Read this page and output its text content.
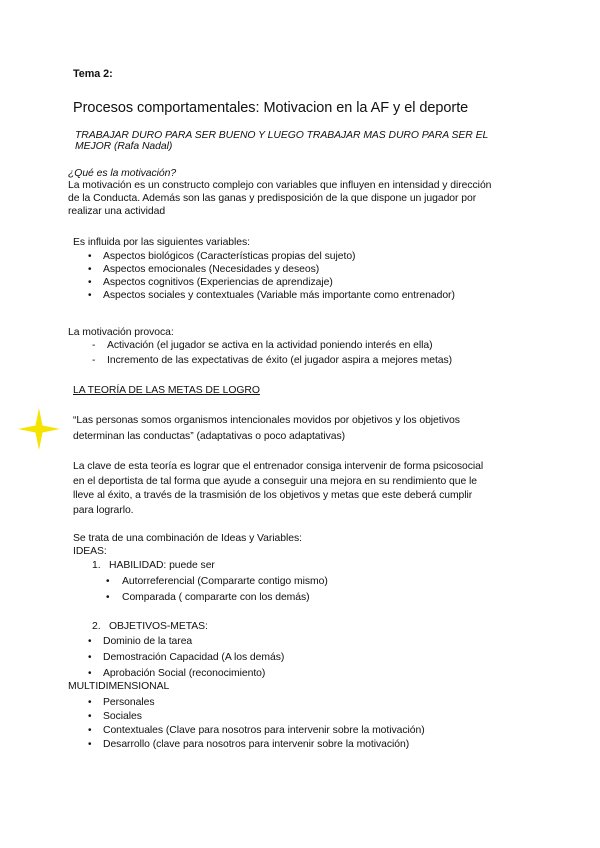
Tema 2:
Procesos comportamentales: Motivacion en la AF y el deporte
TRABAJAR DURO PARA SER BUENO Y LUEGO TRABAJAR MAS DURO PARA SER EL
MEJOR (Rafa Nadal)
¿Qué es la motivación?
La motivación es un constructo complejo con variables que influyen en intensidad y dirección
de la Conducta. Además son las ganas y predisposición de la que dispone un jugador por
realizar una actividad
Es influida por las siguientes variables:
• Aspectos biológicos (Características propias del sujeto)
• Aspectos emocionales (Necesidades y deseos)
• Aspectos cognitivos (Experiencias de aprendizaje)
• Aspectos sociales y contextuales (Variable más importante como entrenador)
La motivación provoca:
- Activación (el jugador se activa en la actividad poniendo interés en ella)
- Incremento de las expectativas de éxito (el jugador aspira a mejores metas)
LA TEORÍA DE LAS METAS DE LOGRO
“Las personas somos organismos intencionales movidos por objetivos y los objetivos
determinan las conductas” (adaptativas o poco adaptativas)
La clave de esta teoría es lograr que el entrenador consiga intervenir de forma psicosocial
en el deportista de tal forma que ayude a conseguir una mejora en su rendimiento que le
lleve al éxito, a través de la trasmisión de los objetivos y metas que este deberá cumplir
para lograrlo.
Se trata de una combinación de Ideas y Variables:
IDEAS:
1. HABILIDAD: puede ser
• Autorreferencial (Compararte contigo mismo)
• Comparada ( compararte con los demás)
2. OBJETIVOS-METAS:
• Dominio de la tarea
• Demostración Capacidad (A los demás)
• Aprobación Social (reconocimiento)
MULTIDIMENSIONAL
• Personales
• Sociales
• Contextuales (Clave para nosotros para intervenir sobre la motivación)
• Desarrollo (clave para nosotros para intervenir sobre la motivación)
